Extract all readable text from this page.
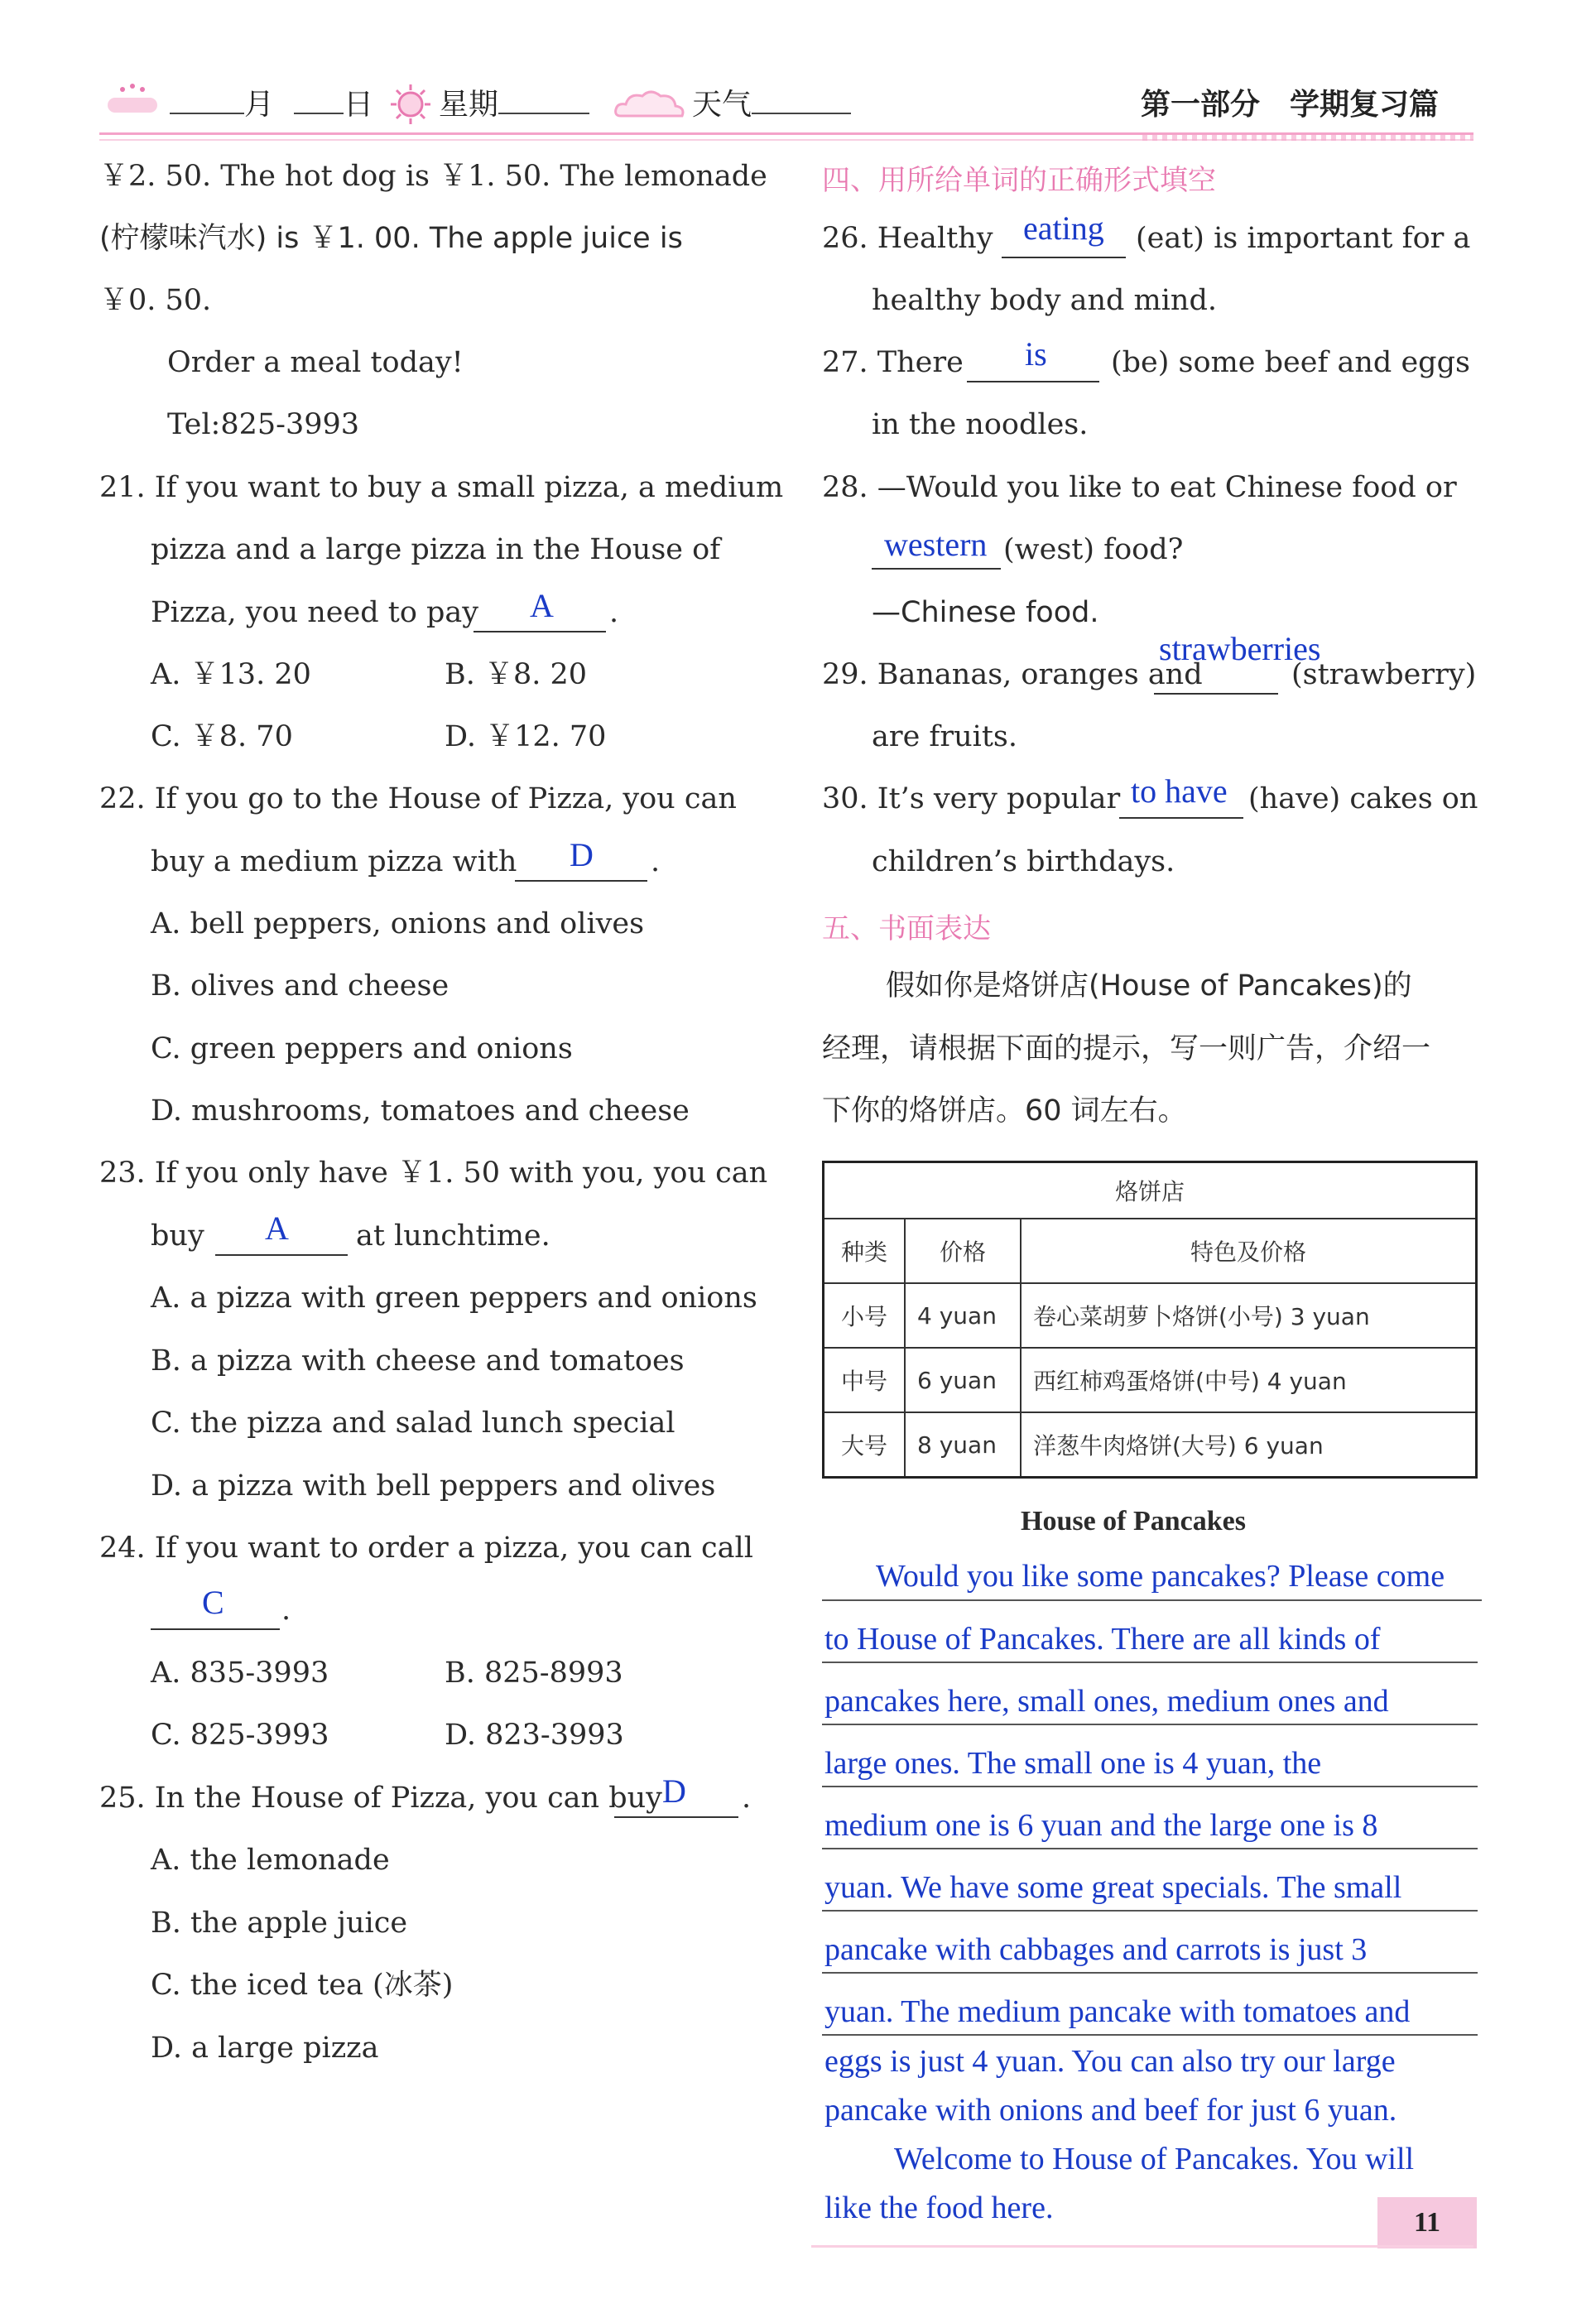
月	日 星期	天气	第一部分　学期复习篇
￥2. 50. The hot dog is ￥1. 50. The lemonade
(柠檬味汽水) is ￥1. 00. The apple juice is
￥0. 50.
Order a meal today!
Tel:825-3993
21. If you want to buy a small pizza, a medium
pizza and a large pizza in the House of
Pizza, you need to pay	.
A
A. ￥13. 20	B. ￥8. 20
C. ￥8. 70	D. ￥12. 70
22. If you go to the House of Pizza, you can
buy a medium pizza with	.
D
A. bell peppers, onions and olives
B. olives and cheese
C. green peppers and onions
D. mushrooms, tomatoes and cheese
23. If you only have ￥1. 50 with you, you can
buy A at lunchtime.
A. a pizza with green peppers and onions
B. a pizza with cheese and tomatoes
C. the pizza and salad lunch special
D. a pizza with bell peppers and olives
24. If you want to order a pizza, you can call
.
C
A. 835-3993	B. 825-8993
C. 825-3993	D. 823-3993
25. In the House of Pizza, you can buy	.
D
A. the lemonade
B. the apple juice
C. the iced tea (冰茶)
D. a large pizza
四、用所给单词的正确形式填空
26. Healthy eating (eat) is important for a
healthy body and mind.
27. There is (be) some beef and eggs
in the noodles.
28. —Would you like to eat Chinese food or
western (west) food?
—Chinese food.
29. Bananas, oranges and
strawberries
(strawberry)
are fruits.
30. It’s very popular to have (have) cakes on
children’s birthdays.
五、书面表达
假如你是烙饼店(House of Pancakes)的
经理，请根据下面的提示，写一则广告，介绍一
下你的烙饼店。60 词左右。
烙饼店		
种类	价格	特色及价格
小号	4 yuan	卷心菜胡萝卜烙饼(小号) 3 yuan
中号	6 yuan	西红柿鸡蛋烙饼(中号) 4 yuan
大号	8 yuan	洋葱牛肉烙饼(大号) 6 yuan
House of Pancakes
Would you like some pancakes? Please come
to House of Pancakes. There are all kinds of
pancakes here, small ones, medium ones and
large ones. The small one is 4 yuan, the
medium one is 6 yuan and the large one is 8
yuan. We have some great specials. The small
pancake with cabbages and carrots is just 3
yuan. The medium pancake with tomatoes and
eggs is just 4 yuan. You can also try our large
pancake with onions and beef for just 6 yuan.
Welcome to House of Pancakes. You will
like the food here.	11
